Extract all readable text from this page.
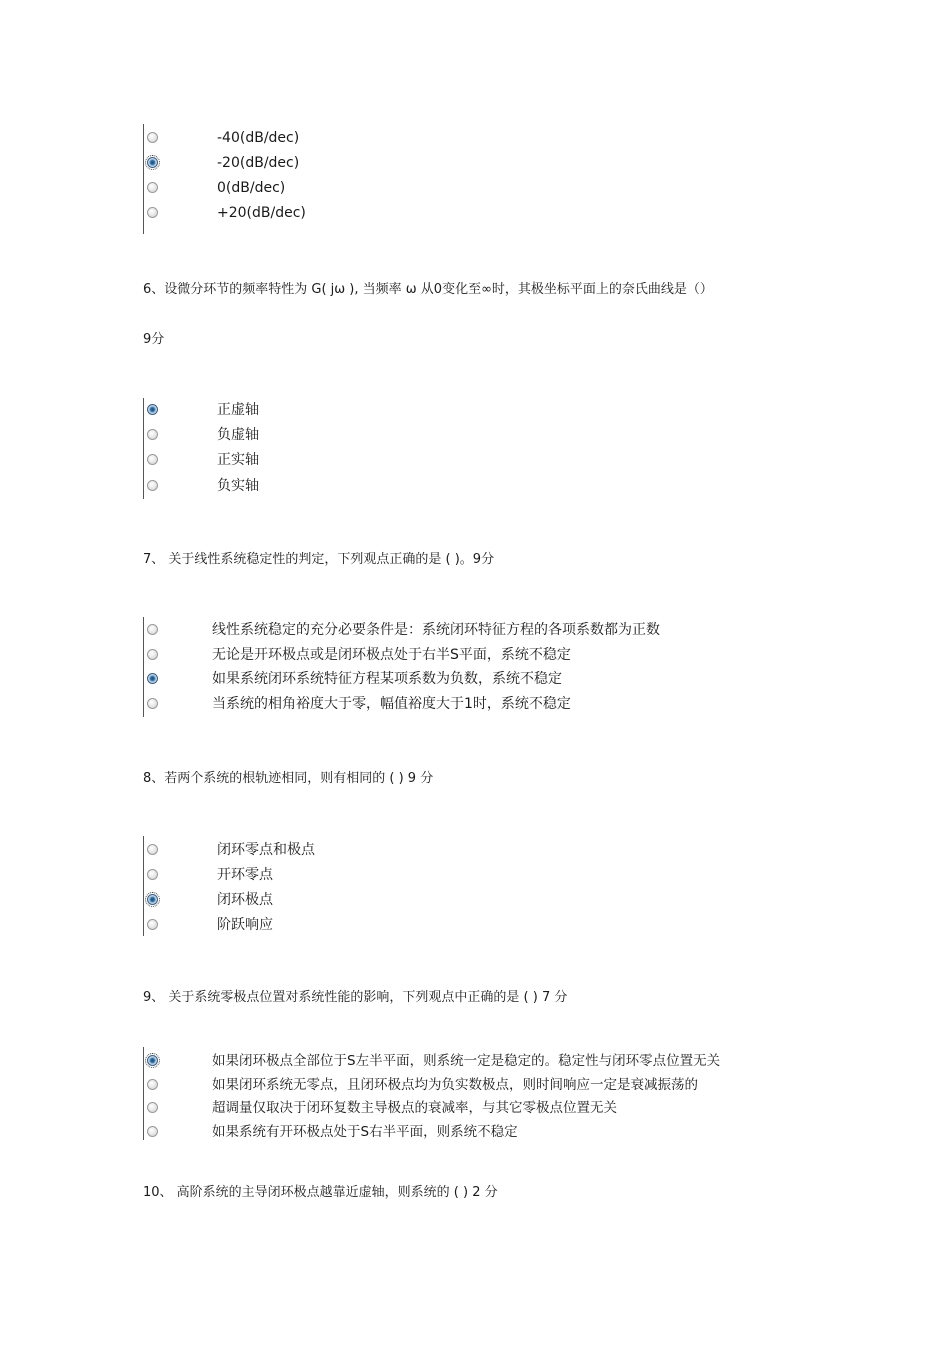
-40(dB/dec)
-20(dB/dec)
0(dB/dec)
+20(dB/dec)
6、设微分环节的频率特性为 G( jω ), 当频率 ω 从0变化至∞时，其极坐标平面上的奈氏曲线是（）
9分
正虚轴
负虚轴
正实轴
负实轴
7、 关于线性系统稳定性的判定，下列观点正确的是 ( )。9分
线性系统稳定的充分必要条件是：系统闭环特征方程的各项系数都为正数
无论是开环极点或是闭环极点处于右半S平面，系统不稳定
如果系统闭环系统特征方程某项系数为负数，系统不稳定
当系统的相角裕度大于零，幅值裕度大于1时，系统不稳定
8、若两个系统的根轨迹相同，则有相同的 ( ) 9 分
闭环零点和极点
开环零点
闭环极点
阶跃响应
9、 关于系统零极点位置对系统性能的影响，下列观点中正确的是 ( ) 7 分
如果闭环极点全部位于S左半平面，则系统一定是稳定的。稳定性与闭环零点位置无关
如果闭环系统无零点，且闭环极点均为负实数极点，则时间响应一定是衰减振荡的
超调量仅取决于闭环复数主导极点的衰减率，与其它零极点位置无关
如果系统有开环极点处于S右半平面，则系统不稳定
10、 高阶系统的主导闭环极点越靠近虚轴，则系统的 ( ) 2 分
